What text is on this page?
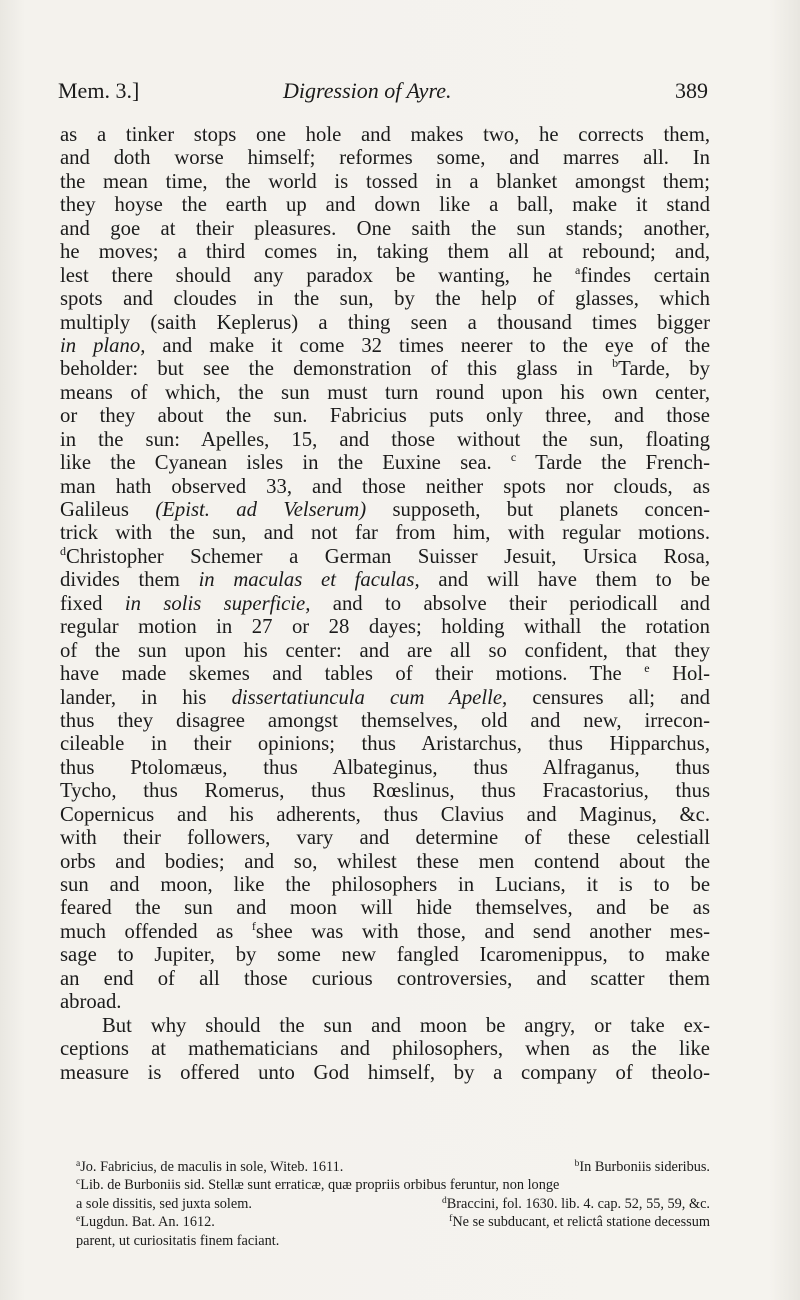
Mem. 3.]	Digression of Ayre.	389
as a tinker stops one hole and makes two, he corrects them,
and doth worse himself; reformes some, and marres all. In
the mean time, the world is tossed in a blanket amongst them;
they hoyse the earth up and down like a ball, make it stand
and goe at their pleasures. One saith the sun stands; another,
he moves; a third comes in, taking them all at rebound; and,
lest there should any paradox be wanting, he $^a$findes certain
spots and cloudes in the sun, by the help of glasses, which
multiply (saith Keplerus) a thing seen a thousand times bigger
in plano, and make it come 32 times neerer to the eye of the
beholder: but see the demonstration of this glass in $^b$Tarde, by
means of which, the sun must turn round upon his own center,
or they about the sun. Fabricius puts only three, and those
in the sun: Apelles, 15, and those without the sun, floating
like the Cyanean isles in the Euxine sea. $^c$ Tarde the French-
man hath observed 33, and those neither spots nor clouds, as
Galileus (Epist. ad Velserum) supposeth, but planets concen-
trick with the sun, and not far from him, with regular motions.
$^d$Christopher Schemer a German Suisser Jesuit, Ursica Rosa,
divides them in maculas et faculas, and will have them to be
fixed in solis superficie, and to absolve their periodicall and
regular motion in 27 or 28 dayes; holding withall the rotation
of the sun upon his center: and are all so confident, that they
have made skemes and tables of their motions. The $^e$ Hol-
lander, in his dissertatiuncula cum Apelle, censures all; and
thus they disagree amongst themselves, old and new, irrecon-
cileable in their opinions; thus Aristarchus, thus Hipparchus,
thus Ptolomæus, thus Albateginus, thus Alfraganus, thus
Tycho, thus Romerus, thus Rœslinus, thus Fracastorius, thus
Copernicus and his adherents, thus Clavius and Maginus, &c.
with their followers, vary and determine of these celestiall
orbs and bodies; and so, whilest these men contend about the
sun and moon, like the philosophers in Lucians, it is to be
feared the sun and moon will hide themselves, and be as
much offended as $^f$shee was with those, and send another mes-
sage to Jupiter, by some new fangled Icaromenippus, to make
an end of all those curious controversies, and scatter them
abroad.
But why should the sun and moon be angry, or take ex-
ceptions at mathematicians and philosophers, when as the like
measure is offered unto God himself, by a company of theolo-
$^a$Jo. Fabricius, de maculis in sole, Witeb. 1611.	$^b$In Burboniis sideribus.
$^c$Lib. de Burboniis sid. Stellæ sunt erraticæ, quæ propriis orbibus feruntur, non longe
a sole dissitis, sed juxta solem.	$^d$Braccini, fol. 1630. lib. 4. cap. 52, 55, 59, &c.
$^e$Lugdun. Bat. An. 1612.	$^f$Ne se subducant, et relictâ statione decessum
parent, ut curiositatis finem faciant.
